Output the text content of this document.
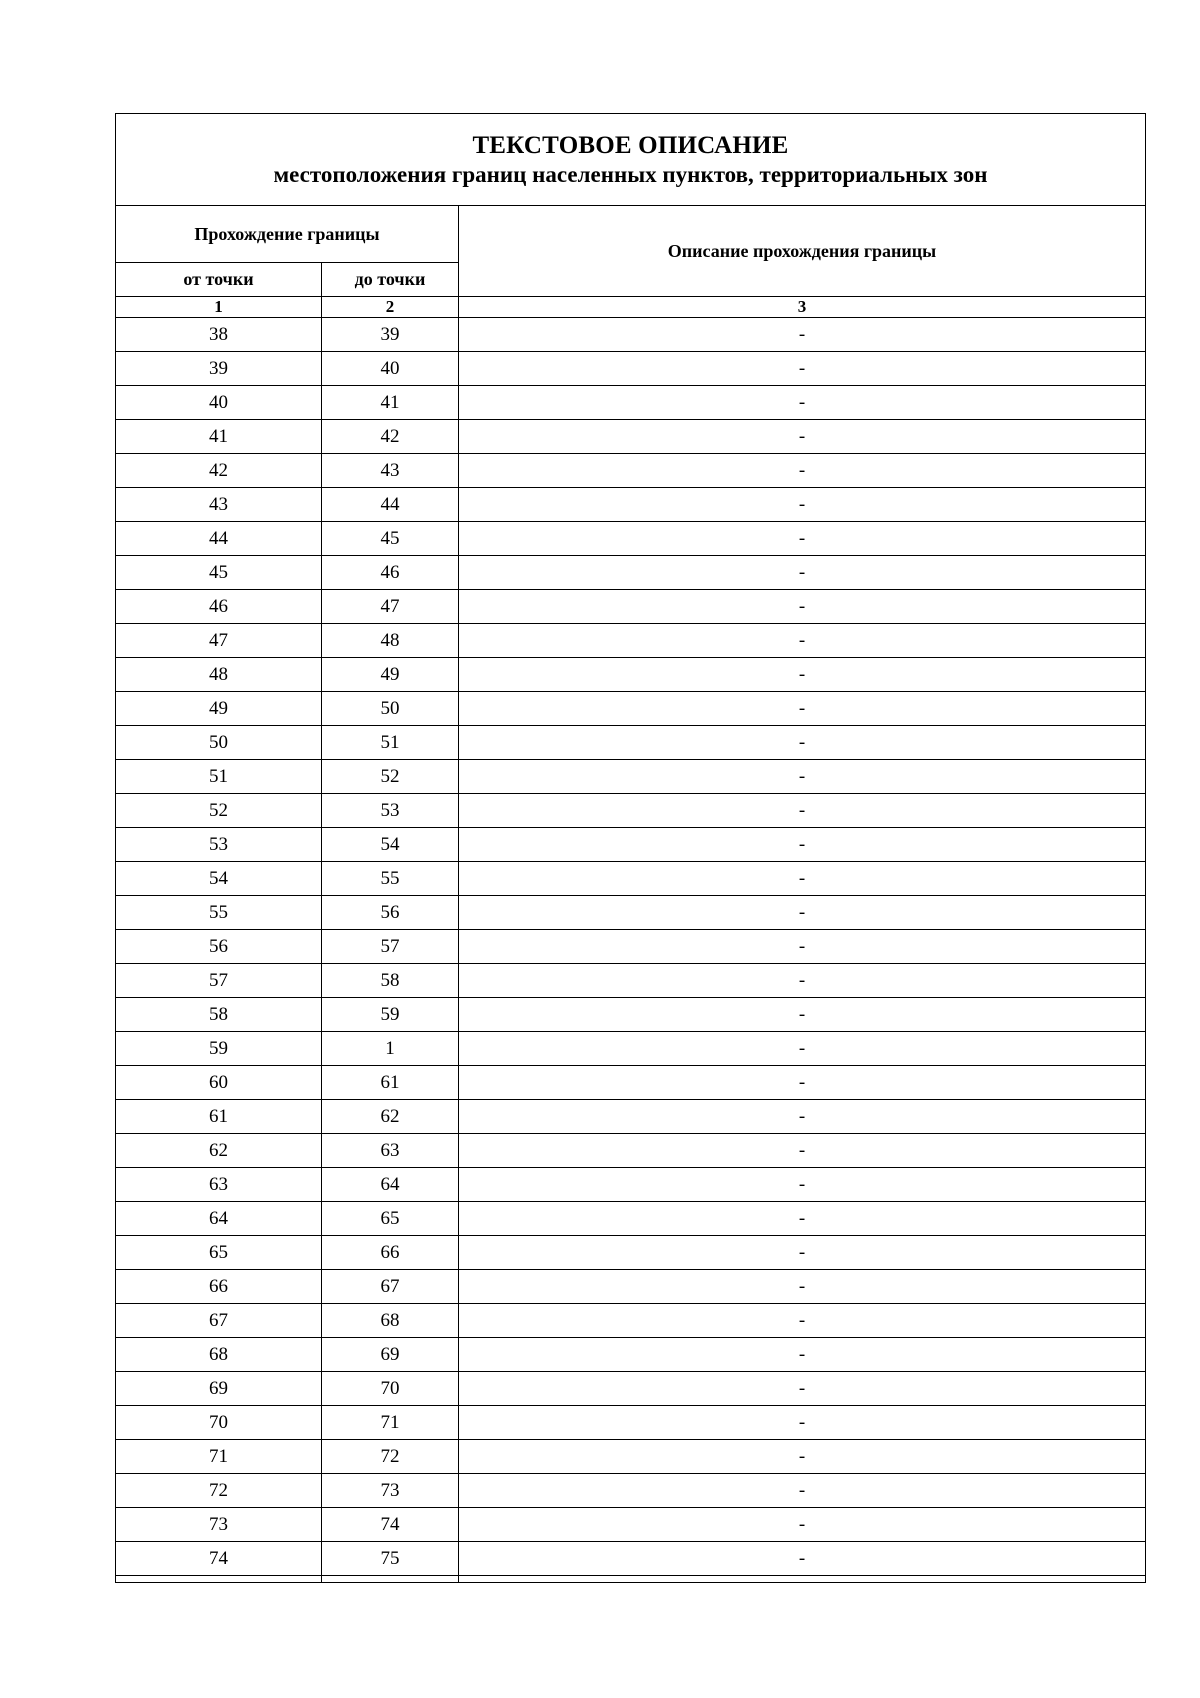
ТЕКСТОВОЕ ОПИСАНИЕ
местоположения границ населенных пунктов, территориальных зон		

Прохождение границы		Описание прохождения границы
от точки	до точки	
1	2	3
38	39	-
39	40	-
40	41	-
41	42	-
42	43	-
43	44	-
44	45	-
45	46	-
46	47	-
47	48	-
48	49	-
49	50	-
50	51	-
51	52	-
52	53	-
53	54	-
54	55	-
55	56	-
56	57	-
57	58	-
58	59	-
59	1	-
60	61	-
61	62	-
62	63	-
63	64	-
64	65	-
65	66	-
66	67	-
67	68	-
68	69	-
69	70	-
70	71	-
71	72	-
72	73	-
73	74	-
74	75	-
